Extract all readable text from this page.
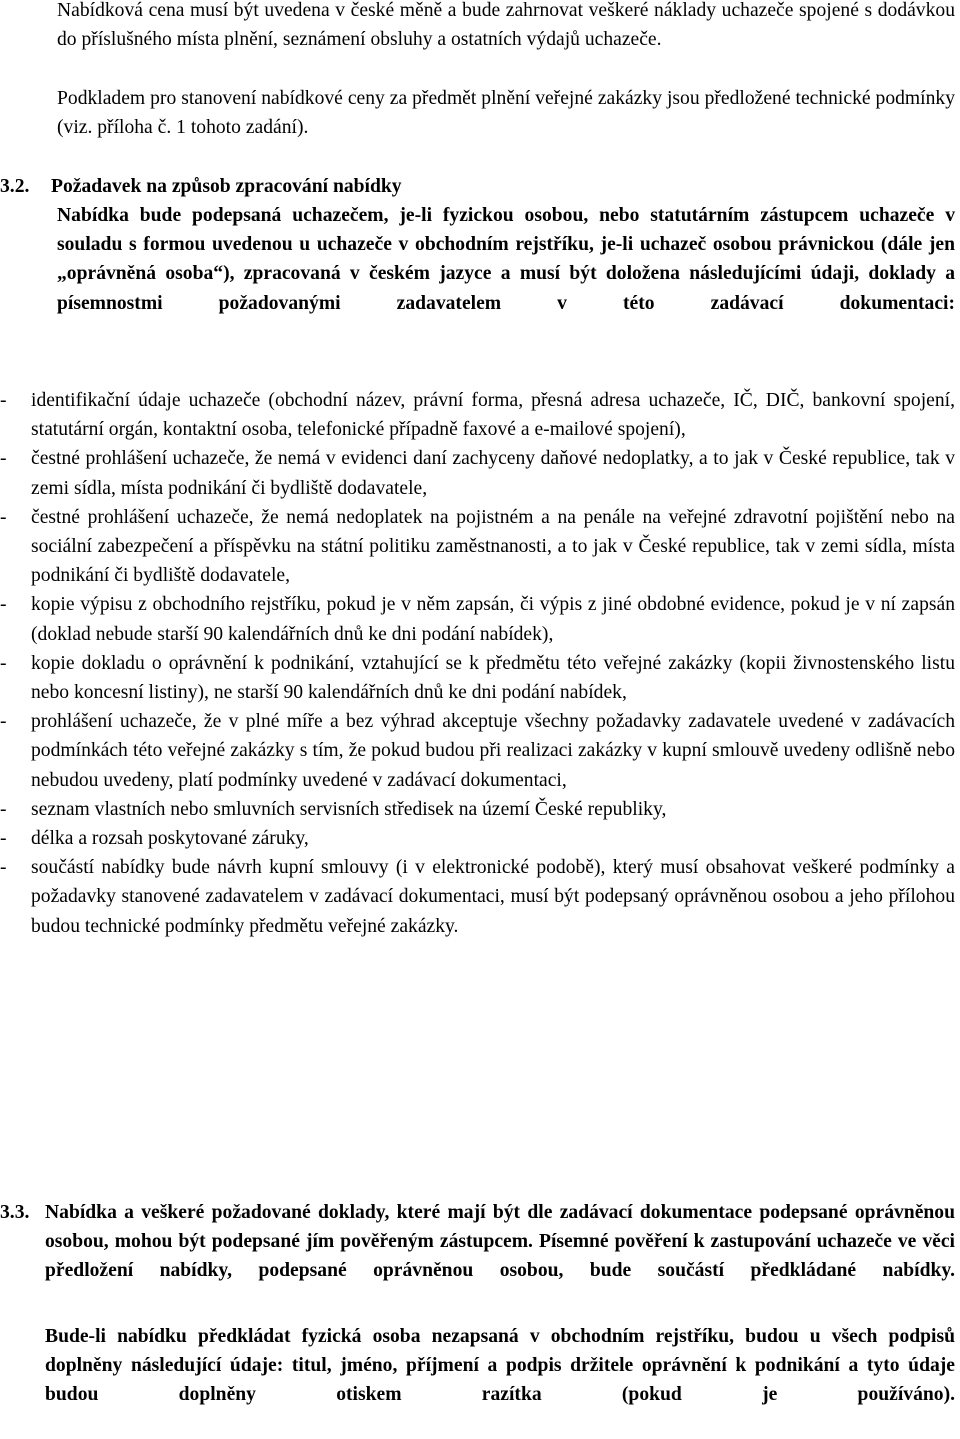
Nabídková cena musí být uvedena v české měně a bude zahrnovat veškeré náklady uchazeče spojené s dodávkou do příslušného místa plnění, seznámení obsluhy a ostatních výdajů uchazeče.

Podkladem pro stanovení nabídkové ceny za předmět plnění veřejné zakázky jsou předložené technické podmínky (viz. příloha č. 1 tohoto zadání).

3.2. Požadavek na způsob zpracování nabídky

Nabídka bude podepsaná uchazečem, je-li fyzickou osobou, nebo statutárním zástupcem uchazeče v souladu s formou uvedenou u uchazeče v obchodním rejstříku, je-li uchazeč osobou právnickou (dále jen „oprávněná osoba“), zpracovaná v českém jazyce a musí být doložena následujícími údaji, doklady a písemnostmi požadovanými zadavatelem v této zadávací dokumentaci:

- identifikační údaje uchazeče (obchodní název, právní forma, přesná adresa uchazeče, IČ, DIČ, bankovní spojení, statutární orgán, kontaktní osoba, telefonické případně faxové a e-mailové spojení),
- čestné prohlášení uchazeče, že nemá v evidenci daní zachyceny daňové nedoplatky, a to jak v České republice, tak v zemi sídla, místa podnikání či bydliště dodavatele,
- čestné prohlášení uchazeče, že nemá nedoplatek na pojistném a na penále na veřejné zdravotní pojištění nebo na sociální zabezpečení a příspěvku na státní politiku zaměstnanosti, a to jak v České republice, tak v zemi sídla, místa podnikání či bydliště dodavatele,
- kopie výpisu z obchodního rejstříku, pokud je v něm zapsán, či výpis z jiné obdobné evidence, pokud je v ní zapsán (doklad nebude starší 90 kalendářních dnů ke dni podání nabídek),
- kopie dokladu o oprávnění k podnikání, vztahující se k předmětu této veřejné zakázky (kopii živnostenského listu nebo koncesní listiny), ne starší 90 kalendářních dnů ke dni podání nabídek,
- prohlášení uchazeče, že v plné míře a bez výhrad akceptuje všechny požadavky zadavatele uvedené v zadávacích podmínkách této veřejné zakázky s tím, že pokud budou při realizaci zakázky v kupní smlouvě uvedeny odlišně nebo nebudou uvedeny, platí podmínky uvedené v zadávací dokumentaci,
- seznam vlastních nebo smluvních servisních středisek na území České republiky,
- délka a rozsah poskytované záruky,
- součástí nabídky bude návrh kupní smlouvy (i v elektronické podobě), který musí obsahovat veškeré podmínky a požadavky stanovené zadavatelem v zadávací dokumentaci, musí být podepsaný oprávněnou osobou a jeho přílohou budou technické podmínky předmětu veřejné zakázky.
3.3. Nabídka a veškeré požadované doklady, které mají být dle zadávací dokumentace podepsané oprávněnou osobou, mohou být podepsané jím pověřeným zástupcem. Písemné pověření k zastupování uchazeče ve věci předložení nabídky, podepsané oprávněnou osobou, bude součástí předkládané nabídky.

Bude-li nabídku předkládat fyzická osoba nezapsaná v obchodním rejstříku, budou u všech podpisů doplněny následující údaje: titul, jméno, příjmení a podpis držitele oprávnění k podnikání a tyto údaje budou doplněny otiskem razítka (pokud je používáno).
